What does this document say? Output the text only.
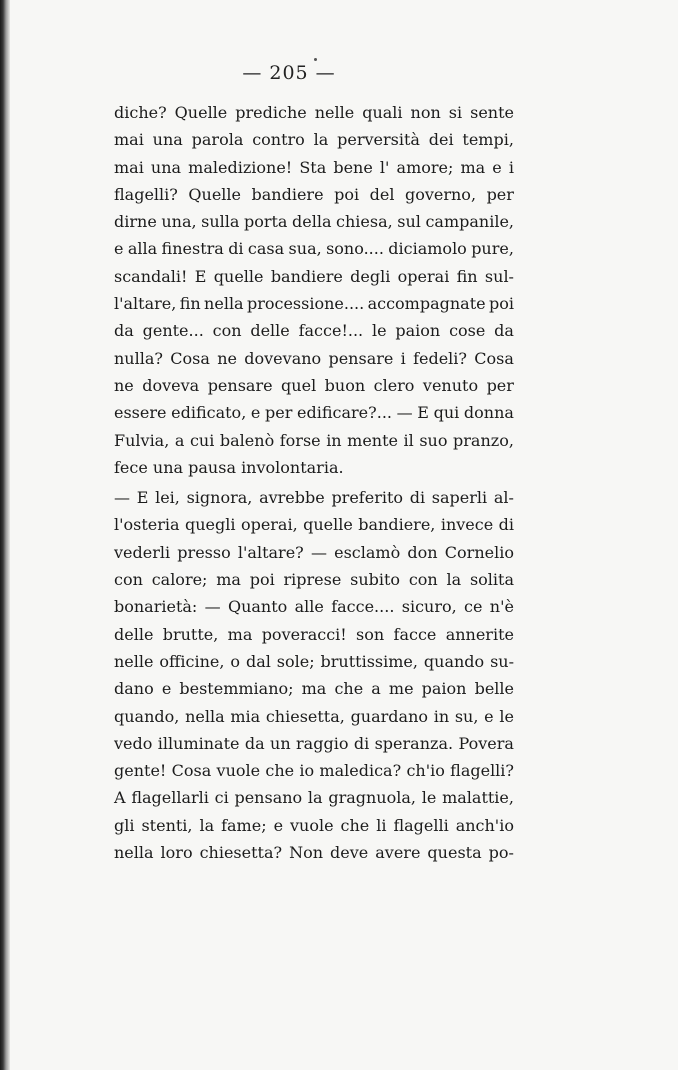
— 205 —
diche? Quelle prediche nelle quali non si sente
mai una parola contro la perversità dei tempi,
mai una maledizione! Sta bene l' amore; ma e i
flagelli? Quelle bandiere poi del governo, per
dirne una, sulla porta della chiesa, sul campanile,
e alla finestra di casa sua, sono.... diciamolo pure,
scandali! E quelle bandiere degli operai fin sul-
l'altare, fin nella processione.... accompagnate poi
da gente... con delle facce!... le paion cose da
nulla? Cosa ne dovevano pensare i fedeli? Cosa
ne doveva pensare quel buon clero venuto per
essere edificato, e per edificare?... — E qui donna
Fulvia, a cui balenò forse in mente il suo pranzo,
fece una pausa involontaria.
— E lei, signora, avrebbe preferito di saperli al-
l'osteria quegli operai, quelle bandiere, invece di
vederli presso l'altare? — esclamò don Cornelio
con calore; ma poi riprese subito con la solita
bonarietà: — Quanto alle facce.... sicuro, ce n'è
delle brutte, ma poveracci! son facce annerite
nelle officine, o dal sole; bruttissime, quando su-
dano e bestemmiano; ma che a me paion belle
quando, nella mia chiesetta, guardano in su, e le
vedo illuminate da un raggio di speranza. Povera
gente! Cosa vuole che io maledica? ch'io flagelli?
A flagellarli ci pensano la gragnuola, le malattie,
gli stenti, la fame; e vuole che li flagelli anch'io
nella loro chiesetta? Non deve avere questa po-
